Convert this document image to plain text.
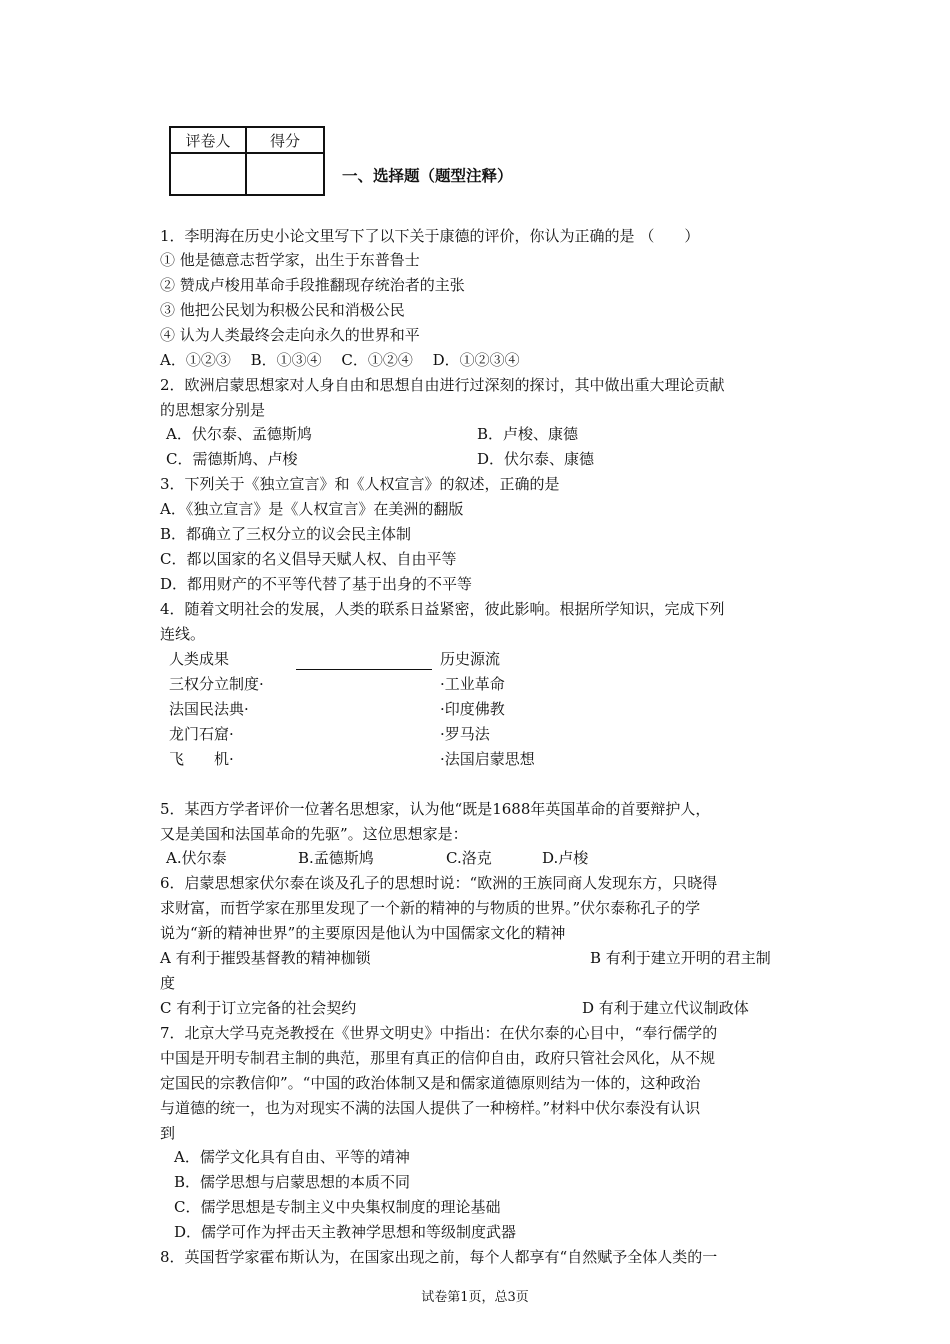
评卷人	得分

一、选择题（题型注释）
1．李明海在历史小论文里写下了以下关于康德的评价，你认为正确的是 （　　）
① 他是德意志哲学家，出生于东普鲁士
② 赞成卢梭用革命手段推翻现存统治者的主张
③ 他把公民划为积极公民和消极公民
④ 认为人类最终会走向永久的世界和平
A．①②③　 B．①③④　 C．①②④　 D．①②③④
2．欧洲启蒙思想家对人身自由和思想自由进行过深刻的探讨，其中做出重大理论贡献
的思想家分别是
A．伏尔泰、孟德斯鸠	B．卢梭、康德
C．需德斯鸠、卢梭	D．伏尔泰、康德
3．下列关于《独立宣言》和《人权宣言》的叙述，正确的是
A．《独立宣言》是《人权宣言》在美洲的翻版
B．都确立了三权分立的议会民主体制
C．都以国家的名义倡导天赋人权、自由平等
D．都用财产的不平等代替了基于出身的不平等
4．随着文明社会的发展，人类的联系日益紧密，彼此影响。根据所学知识，完成下列
连线。
人类成果	历史源流
三权分立制度·	·工业革命
法国民法典·	·印度佛教
龙门石窟·	·罗马法
飞　　机·	·法国启蒙思想
5．某西方学者评价一位著名思想家，认为他“既是1688年英国革命的首要辩护人，
又是美国和法国革命的先驱”。这位思想家是：
A.伏尔泰	B.孟德斯鸠	C.洛克	D.卢梭
6．启蒙思想家伏尔泰在谈及孔子的思想时说：“欧洲的王族同商人发现东方，只晓得
求财富，而哲学家在那里发现了一个新的精神的与物质的世界。”伏尔泰称孔子的学
说为“新的精神世界”的主要原因是他认为中国儒家文化的精神
A 有利于摧毁基督教的精神枷锁	B 有利于建立开明的君主制
度
C 有利于订立完备的社会契约	D 有利于建立代议制政体
7．北京大学马克尧教授在《世界文明史》中指出：在伏尔泰的心目中，“奉行儒学的
中国是开明专制君主制的典范，那里有真正的信仰自由，政府只管社会风化，从不规
定国民的宗教信仰”。“中国的政治体制又是和儒家道德原则结为一体的，这种政治
与道德的统一，也为对现实不满的法国人提供了一种榜样。”材料中伏尔泰没有认识
到
A．儒学文化具有自由、平等的靖神
B．儒学思想与启蒙思想的本质不同
C．儒学思想是专制主义中央集权制度的理论基础
D．儒学可作为抨击天主教神学思想和等级制度武器
8．英国哲学家霍布斯认为，在国家出现之前，每个人都享有“自然赋予全体人类的一
试卷第1页，总3页
